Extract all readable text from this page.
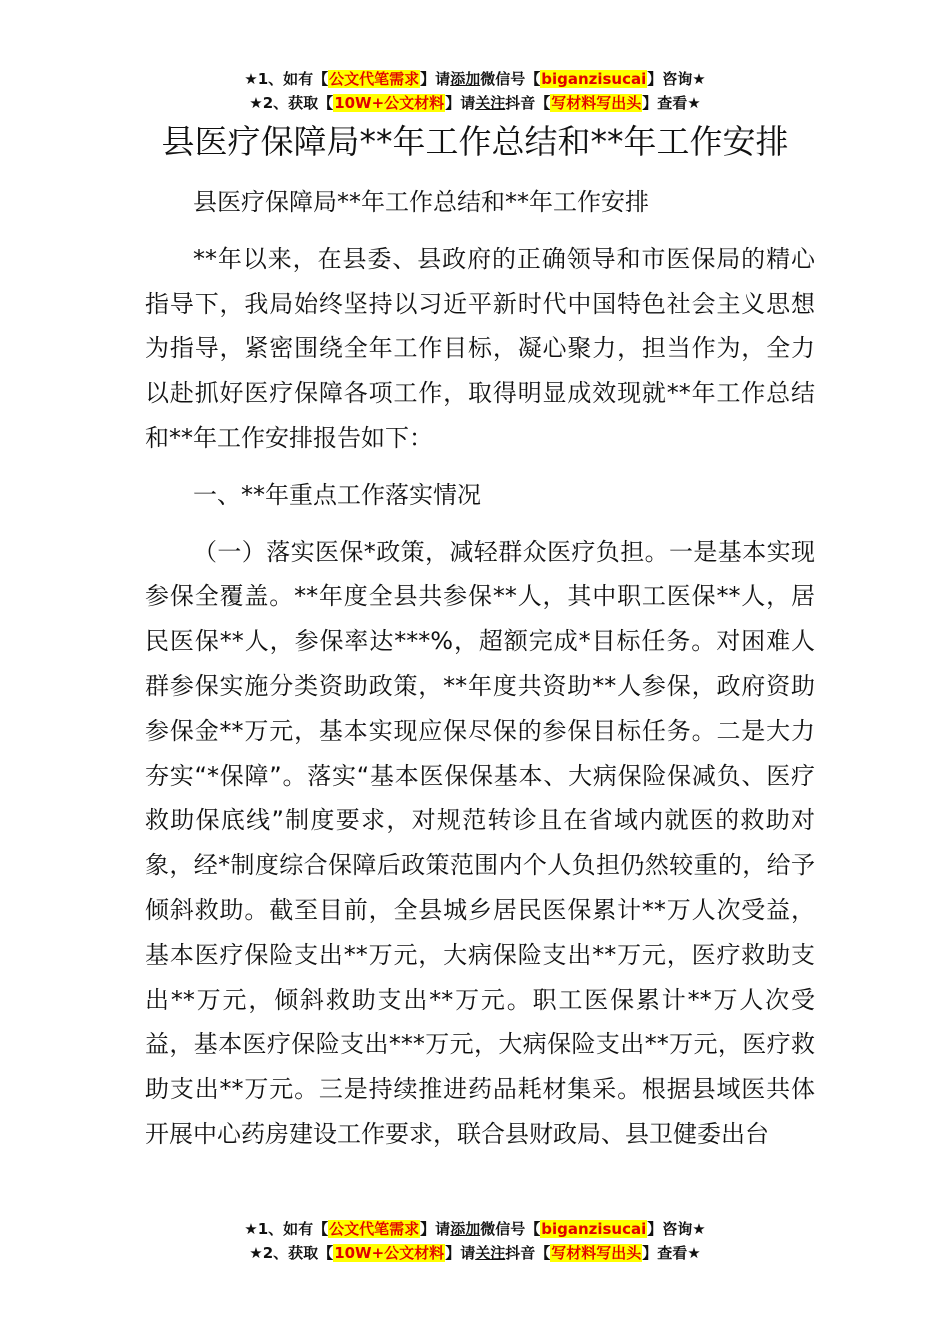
★1、如有【公文代笔需求】请添加微信号【biganzisucai】咨询★
★2、获取【10W+公文材料】请关注抖音【写材料写出头】查看★
县医疗保障局**年工作总结和**年工作安排

县医疗保障局**年工作总结和**年工作安排

**年以来，在县委、县政府的正确领导和市医保局的精心指导下，我局始终坚持以习近平新时代中国特色社会主义思想为指导，紧密围绕全年工作目标，凝心聚力，担当作为，全力以赴抓好医疗保障各项工作，取得明显成效现就**年工作总结和**年工作安排报告如下：

一、**年重点工作落实情况

（一）落实医保*政策，减轻群众医疗负担。一是基本实现参保全覆盖。**年度全县共参保**人，其中职工医保**人，居民医保**人，参保率达***%，超额完成*目标任务。对困难人群参保实施分类资助政策，**年度共资助**人参保，政府资助参保金**万元，基本实现应保尽保的参保目标任务。二是大力夯实“*保障”。落实“基本医保保基本、大病保险保减负、医疗救助保底线”制度要求，对规范转诊且在省域内就医的救助对象，经*制度综合保障后政策范围内个人负担仍然较重的，给予倾斜救助。截至目前，全县城乡居民医保累计**万人次受益，基本医疗保险支出**万元，大病保险支出**万元，医疗救助支出**万元，倾斜救助支出**万元。职工医保累计**万人次受益，基本医疗保险支出***万元，大病保险支出**万元，医疗救助支出**万元。三是持续推进药品耗材集采。根据县域医共体开展中心药房建设工作要求，联合县财政局、县卫健委出台

★1、如有【公文代笔需求】请添加微信号【biganzisucai】咨询★
★2、获取【10W+公文材料】请关注抖音【写材料写出头】查看★
